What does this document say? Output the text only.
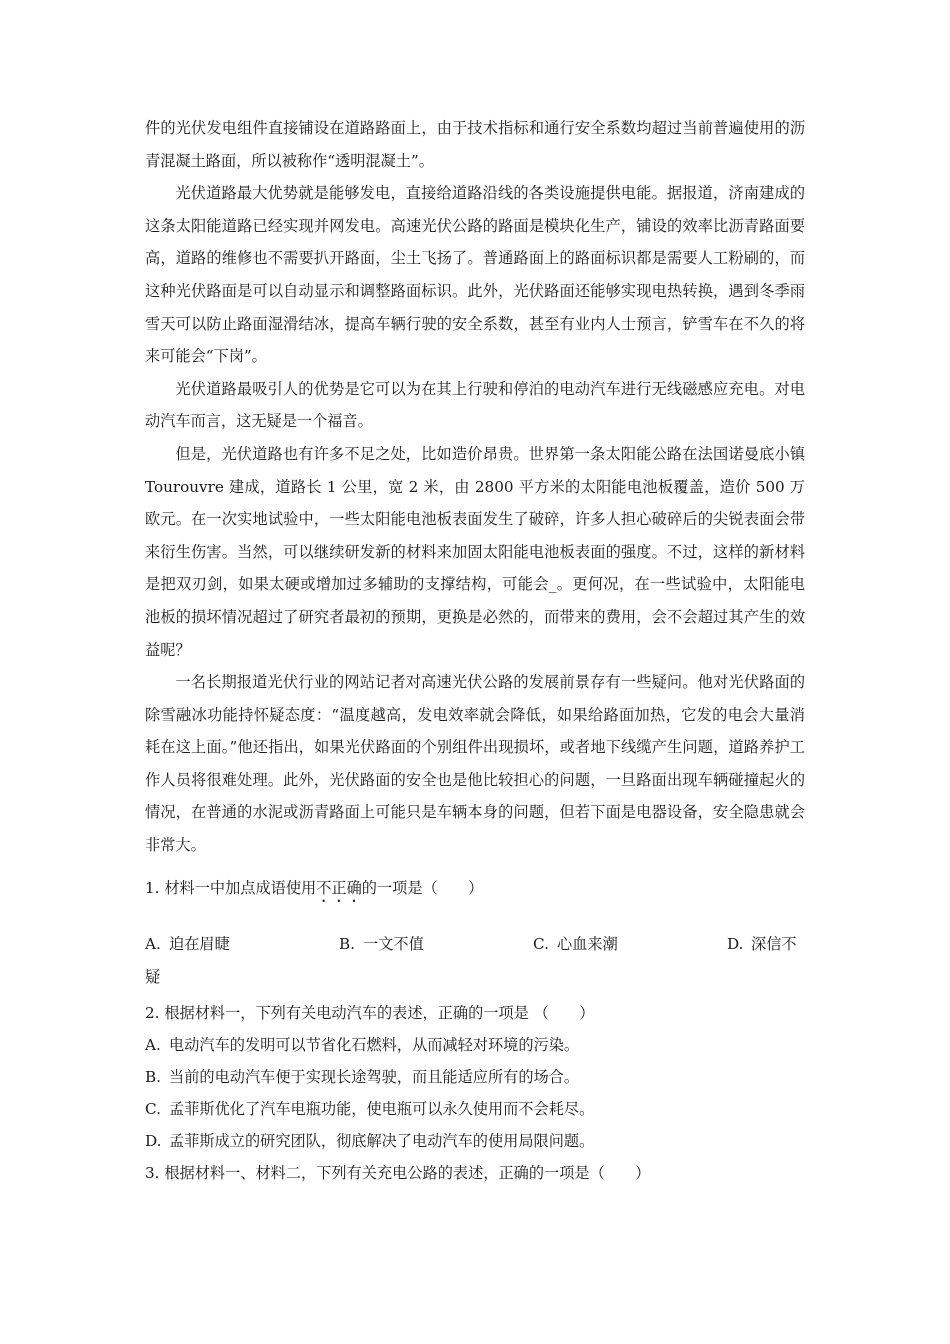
件的光伏发电组件直接铺设在道路路面上，由于技术指标和通行安全系数均超过当前普遍使用的沥青混凝土路面，所以被称作“透明混凝土”。

光伏道路最大优势就是能够发电，直接给道路沿线的各类设施提供电能。据报道，济南建成的这条太阳能道路已经实现并网发电。高速光伏公路的路面是模块化生产，铺设的效率比沥青路面要高，道路的维修也不需要扒开路面，尘土飞扬了。普通路面上的路面标识都是需要人工粉刷的，而这种光伏路面是可以自动显示和调整路面标识。此外，光伏路面还能够实现电热转换，遇到冬季雨雪天可以防止路面湿滑结冰，提高车辆行驶的安全系数，甚至有业内人士预言，铲雪车在不久的将来可能会“下岗”。

光伏道路最吸引人的优势是它可以为在其上行驶和停泊的电动汽车进行无线磁感应充电。对电动汽车而言，这无疑是一个福音。

但是，光伏道路也有许多不足之处，比如造价昂贵。世界第一条太阳能公路在法国诺曼底小镇 Tourouvre 建成，道路长 1 公里，宽 2 米，由 2800 平方米的太阳能电池板覆盖，造价 500 万欧元。在一次实地试验中，一些太阳能电池板表面发生了破碎，许多人担心破碎后的尖锐表面会带来衍生伤害。当然，可以继续研发新的材料来加固太阳能电池板表面的强度。不过，这样的新材料是把双刃剑，如果太硬或增加过多辅助的支撑结构，可能会_。更何况，在一些试验中，太阳能电池板的损坏情况超过了研究者最初的预期，更换是必然的，而带来的费用，会不会超过其产生的效益呢？

一名长期报道光伏行业的网站记者对高速光伏公路的发展前景存有一些疑问。他对光伏路面的除雪融冰功能持怀疑态度：“温度越高，发电效率就会降低，如果给路面加热，它发的电会大量消耗在这上面。”他还指出，如果光伏路面的个别组件出现损坏，或者地下线缆产生问题，道路养护工作人员将很难处理。此外，光伏路面的安全也是他比较担心的问题，一旦路面出现车辆碰撞起火的情况，在普通的水泥或沥青路面上可能只是车辆本身的问题，但若下面是电器设备，安全隐患就会非常大。

1. 材料一中加点成语使用不正确的一项是（　　）

A. 迫在眉睫	B. 一文不值	C. 心血来潮	D. 深信不

疑

2. 根据材料一，下列有关电动汽车的表述，正确的一项是 （　　）

A. 电动汽车的发明可以节省化石燃料，从而减轻对环境的污染。

B. 当前的电动汽车便于实现长途驾驶，而且能适应所有的场合。

C. 孟菲斯优化了汽车电瓶功能，使电瓶可以永久使用而不会耗尽。

D. 孟菲斯成立的研究团队，彻底解决了电动汽车的使用局限问题。

3. 根据材料一、材料二，下列有关充电公路的表述，正确的一项是（　　）
